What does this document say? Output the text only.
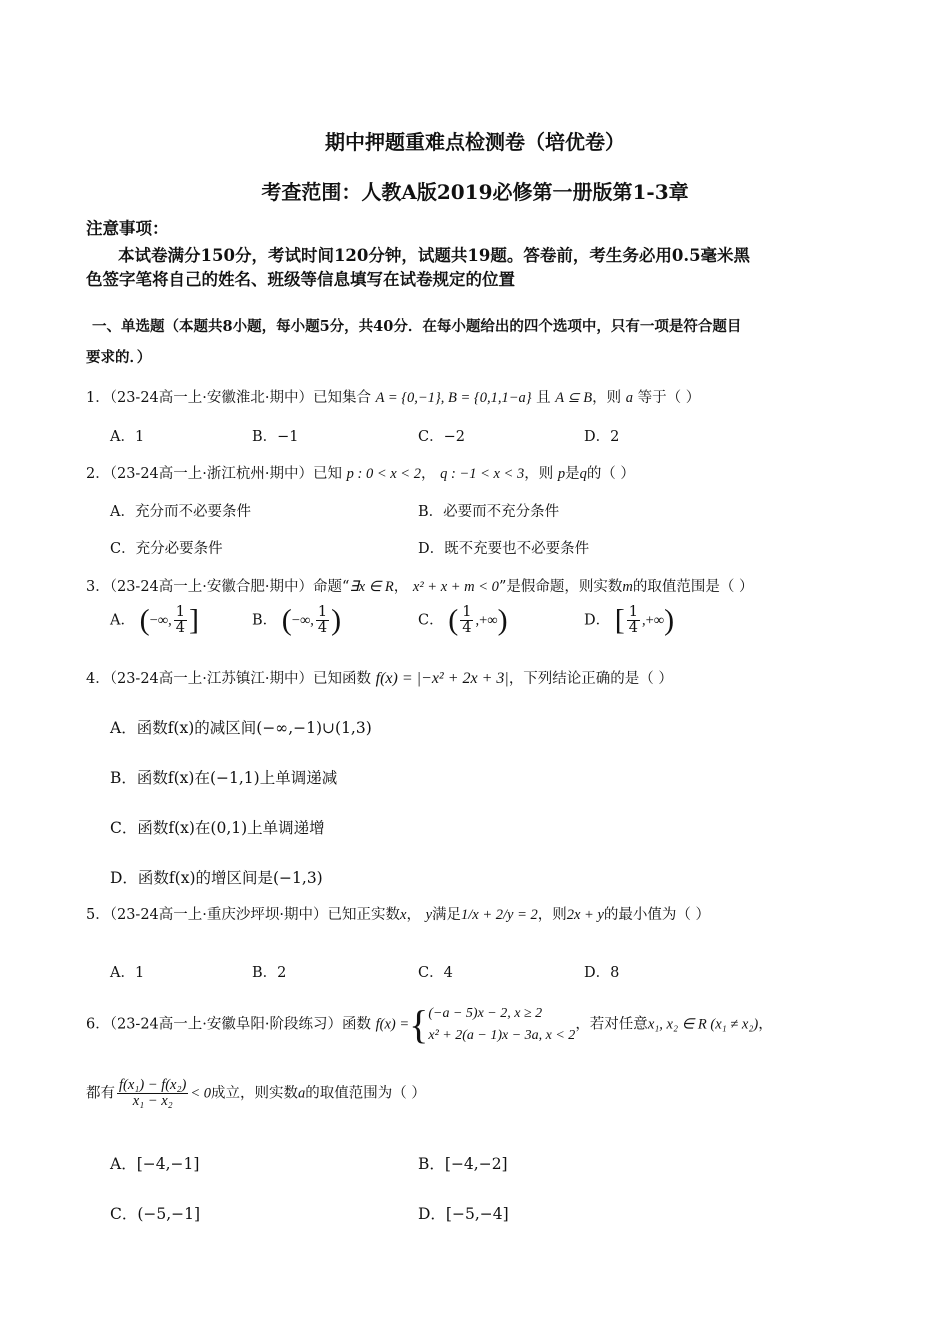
期中押题重难点检测卷（培优卷）
考查范围：人教A版2019必修第一册版第1-3章
注意事项：
本试卷满分150分，考试时间120分钟，试题共19题。答卷前，考生务必用0.5毫米黑
色签字笔将自己的姓名、班级等信息填写在试卷规定的位置
一、单选题（本题共8小题，每小题5分，共40分．在每小题给出的四个选项中，只有一项是符合题目
要求的．）
1．（23-24高一上·安徽淮北·期中）已知集合 A = {0,−1}, B = {0,1,1−a} 且 A ⊆ B，则 a 等于（ ）
A．1	B．−1	C．−2	D．2
2．（23-24高一上·浙江杭州·期中）已知 p : 0 < x < 2， q : −1 < x < 3，则 p是q的（ ）
A．充分而不必要条件	B．必要而不充分条件
C．充分必要条件	D．既不充要也不必要条件
3．（23-24高一上·安徽合肥·期中）命题“∃x ∈ R， x² + x + m < 0”是假命题，则实数m的取值范围是（ ）
A． (−∞, $\frac{1}{4}$ ]	B． (−∞, $\frac{1}{4}$ )	C． ( $\frac{1}{4}$ ,+∞)	D． [ $\frac{1}{4}$ ,+∞)
4．（23-24高一上·江苏镇江·期中）已知函数 f(x) = |−x² + 2x + 3|，下列结论正确的是（ ）
A．函数f(x)的减区间(−∞,−1)∪(1,3)
B．函数f(x)在(−1,1)上单调递减
C．函数f(x)在(0,1)上单调递增
D．函数f(x)的增区间是(−1,3)
5．（23-24高一上·重庆沙坪坝·期中）已知正实数x， y满足1/x + 2/y = 2，则2x + y的最小值为（ ）
A．1	B．2	C．4	D．8
6．（23-24高一上·安徽阜阳·阶段练习）函数 f(x) ={ (−a − 5)x − 2, x ≥ 2
x² + 2(a − 1)x − 3a, x < 2
，若对任意x₁, x₂ ∈ R (x₁ ≠ x₂)，
都有 $\frac{\text{f(x₁) − f(x₂)}}{\text{x₁ − x₂}} < 0$成立，则实数a的取值范围为（ ）
A．[−4,−1]	B．[−4,−2]
C．(−5,−1]	D．[−5,−4]
